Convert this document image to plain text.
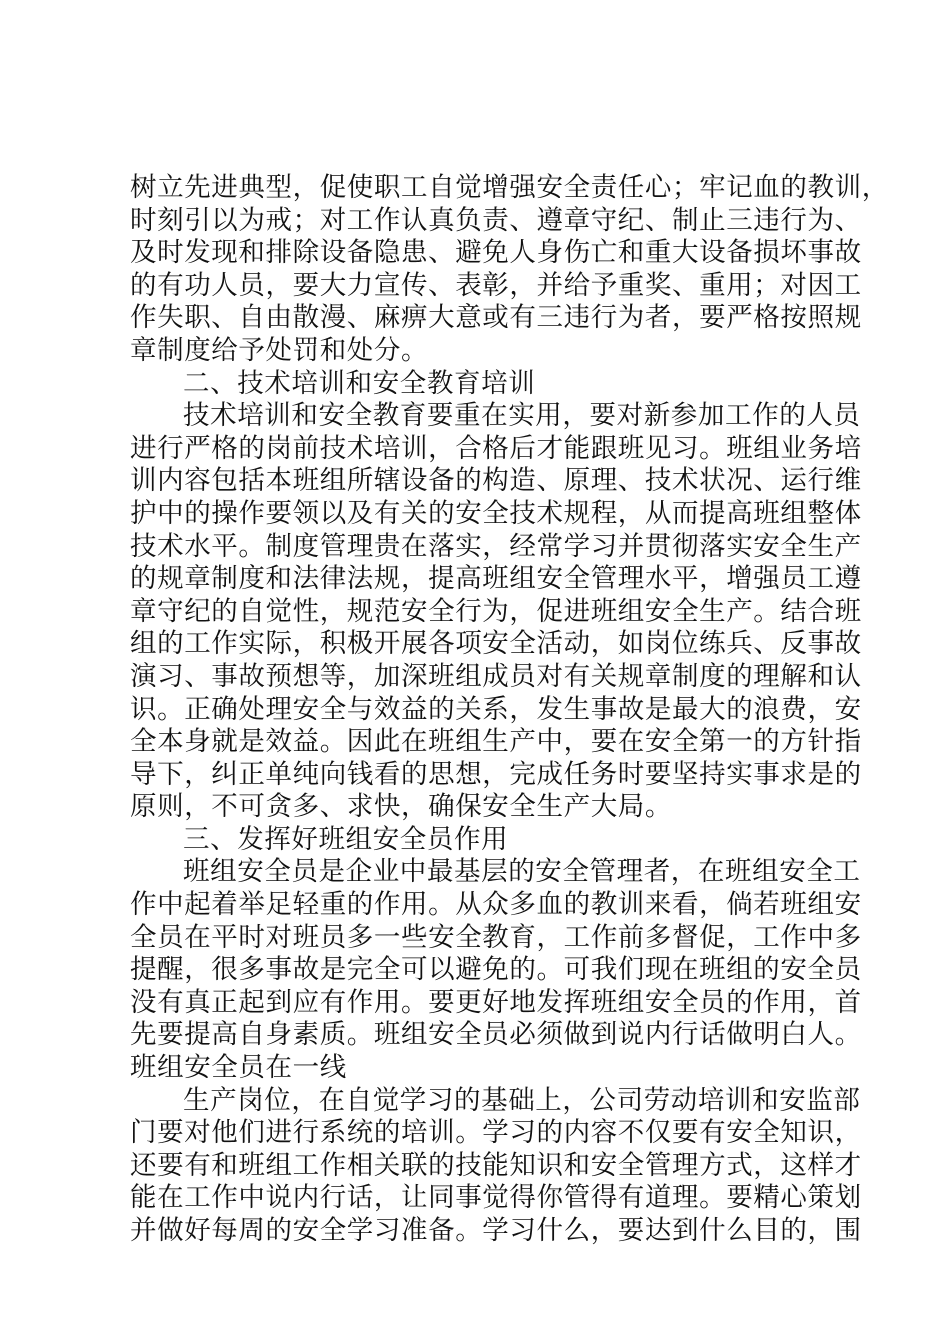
树立先进典型，促使职工自觉增强安全责任心；牢记血的教训，
时刻引以为戒；对工作认真负责、遵章守纪、制止三违行为、
及时发现和排除设备隐患、避免人身伤亡和重大设备损坏事故
的有功人员，要大力宣传、表彰，并给予重奖、重用；对因工
作失职、自由散漫、麻痹大意或有三违行为者，要严格按照规
章制度给予处罚和处分。
二、技术培训和安全教育培训
技术培训和安全教育要重在实用，要对新参加工作的人员
进行严格的岗前技术培训，合格后才能跟班见习。班组业务培
训内容包括本班组所辖设备的构造、原理、技术状况、运行维
护中的操作要领以及有关的安全技术规程，从而提高班组整体
技术水平。制度管理贵在落实，经常学习并贯彻落实安全生产
的规章制度和法律法规，提高班组安全管理水平，增强员工遵
章守纪的自觉性，规范安全行为，促进班组安全生产。结合班
组的工作实际，积极开展各项安全活动，如岗位练兵、反事故
演习、事故预想等，加深班组成员对有关规章制度的理解和认
识。正确处理安全与效益的关系，发生事故是最大的浪费，安
全本身就是效益。因此在班组生产中，要在安全第一的方针指
导下，纠正单纯向钱看的思想，完成任务时要坚持实事求是的
原则，不可贪多、求快，确保安全生产大局。
三、发挥好班组安全员作用
班组安全员是企业中最基层的安全管理者，在班组安全工
作中起着举足轻重的作用。从众多血的教训来看，倘若班组安
全员在平时对班员多一些安全教育，工作前多督促，工作中多
提醒，很多事故是完全可以避免的。可我们现在班组的安全员
没有真正起到应有作用。要更好地发挥班组安全员的作用，首
先要提高自身素质。班组安全员必须做到说内行话做明白人。
班组安全员在一线
生产岗位，在自觉学习的基础上，公司劳动培训和安监部
门要对他们进行系统的培训。学习的内容不仅要有安全知识，
还要有和班组工作相关联的技能知识和安全管理方式，这样才
能在工作中说内行话，让同事觉得你管得有道理。要精心策划
并做好每周的安全学习准备。学习什么，要达到什么目的，围
